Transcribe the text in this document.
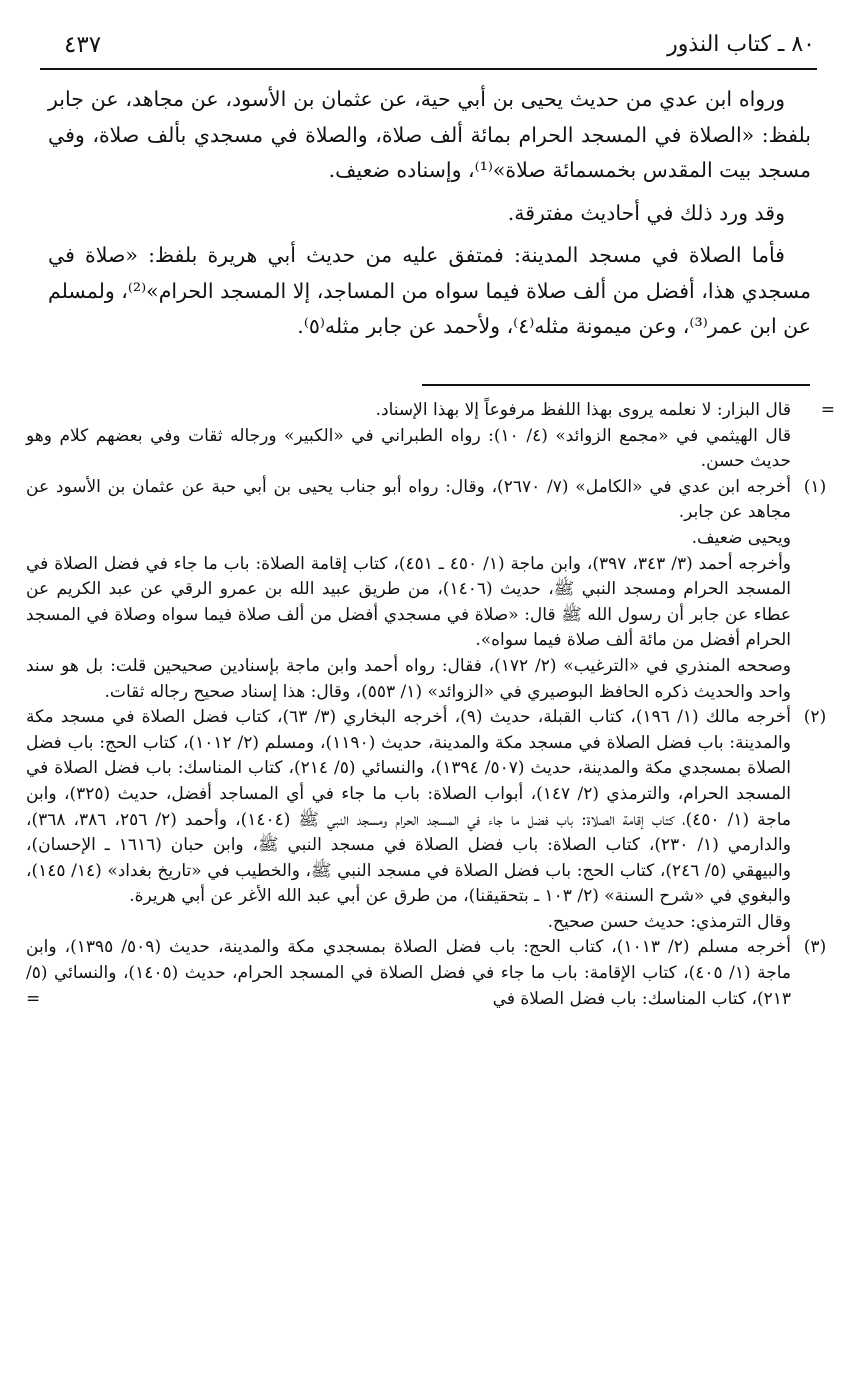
٨٠ ـ كتاب النذور
٤٣٧

ورواه ابن عدي من حديث يحيى بن أبي حية، عن عثمان بن الأسود، عن مجاهد، عن جابر بلفظ: «الصلاة في المسجد الحرام بمائة ألف صلاة، والصلاة في مسجدي بألف صلاة، وفي مسجد بيت المقدس بخمسمائة صلاة»⁽¹⁾، وإسناده ضعيف.

وقد ورد ذلك في أحاديث مفترقة.

فأما الصلاة في مسجد المدينة: فمتفق عليه من حديث أبي هريرة بلفظ: «صلاة في مسجدي هذا، أفضل من ألف صلاة فيما سواه من المساجد، إلا المسجد الحرام»⁽²⁾، ولمسلم عن ابن عمر⁽³⁾، وعن ميمونة مثله⁽٤⁾، ولأحمد عن جابر مثله⁽٥⁾.

=

قال البزار: لا نعلمه يروى بهذا اللفظ مرفوعاً إلا بهذا الإسناد.

قال الهيثمي في «مجمع الزوائد» (٤/ ١٠): رواه الطبراني في «الكبير» ورجاله ثقات وفي بعضهم كلام وهو حديث حسن.

(١)

أخرجه ابن عدي في «الكامل» (٧/ ٢٦٧٠)، وقال: رواه أبو جناب يحيى بن أبي حبة عن عثمان بن الأسود عن مجاهد عن جابر.

ويحيى ضعيف.

وأخرجه أحمد (٣/ ٣٤٣، ٣٩٧)، وابن ماجة (١/ ٤٥٠ ـ ٤٥١)، كتاب إقامة الصلاة: باب ما جاء في فضل الصلاة في المسجد الحرام ومسجد النبي ﷺ، حديث (١٤٠٦)، من طريق عبيد الله بن عمرو الرقي عن عبد الكريم عن عطاء عن جابر أن رسول الله ﷺ قال: «صلاة في مسجدي أفضل من ألف صلاة فيما سواه وصلاة في المسجد الحرام أفضل من مائة ألف صلاة فيما سواه».

وصححه المنذري في «الترغيب» (٢/ ١٧٢)، فقال: رواه أحمد وابن ماجة بإسنادين صحيحين قلت: بل هو سند واحد والحديث ذكره الحافظ البوصيري في «الزوائد» (١/ ٥٥٣)، وقال: هذا إسناد صحيح رجاله ثقات.

(٢)

أخرجه مالك (١/ ١٩٦)، كتاب القبلة، حديث (٩)، أخرجه البخاري (٣/ ٦٣)، كتاب فضل الصلاة في مسجد مكة والمدينة: باب فضل الصلاة في مسجد مكة والمدينة، حديث (١١٩٠)، ومسلم (٢/ ١٠١٢)، كتاب الحج: باب فضل الصلاة بمسجدي مكة والمدينة، حديث (٥٠٧/ ١٣٩٤)، والنسائي (٥/ ٢١٤)، كتاب المناسك: باب فضل الصلاة في المسجد الحرام، والترمذي (٢/ ١٤٧)، أبواب الصلاة: باب ما جاء في أي المساجد أفضل، حديث (٣٢٥)، وابن ماجة (١/ ٤٥٠)، كتاب إقامة الصلاة: باب فضل ما جاء في المسجد الحرام ومسجد النبي ﷺ (١٤٠٤)، وأحمد (٢/ ٢٥٦، ٣٨٦، ٣٦٨)، والدارمي (١/ ٢٣٠)، كتاب الصلاة: باب فضل الصلاة في مسجد النبي ﷺ، وابن حبان (١٦١٦ ـ الإحسان)، والبيهقي (٥/ ٢٤٦)، كتاب الحج: باب فضل الصلاة في مسجد النبي ﷺ، والخطيب في «تاريخ بغداد» (١٤/ ١٤٥)، والبغوي في «شرح السنة» (٢/ ١٠٣ ـ بتحقيقنا)، من طرق عن أبي عبد الله الأغر عن أبي هريرة.

وقال الترمذي: حديث حسن صحيح.

(٣)

أخرجه مسلم (٢/ ١٠١٣)، كتاب الحج: باب فضل الصلاة بمسجدي مكة والمدينة، حديث (٥٠٩/ ١٣٩٥)، وابن ماجة (١/ ٤٠٥)، كتاب الإقامة: باب ما جاء في فضل الصلاة في المسجد الحرام، حديث (١٤٠٥)، والنسائي (٥/ ٢١٣)، كتاب المناسك: باب فضل الصلاة في

=
